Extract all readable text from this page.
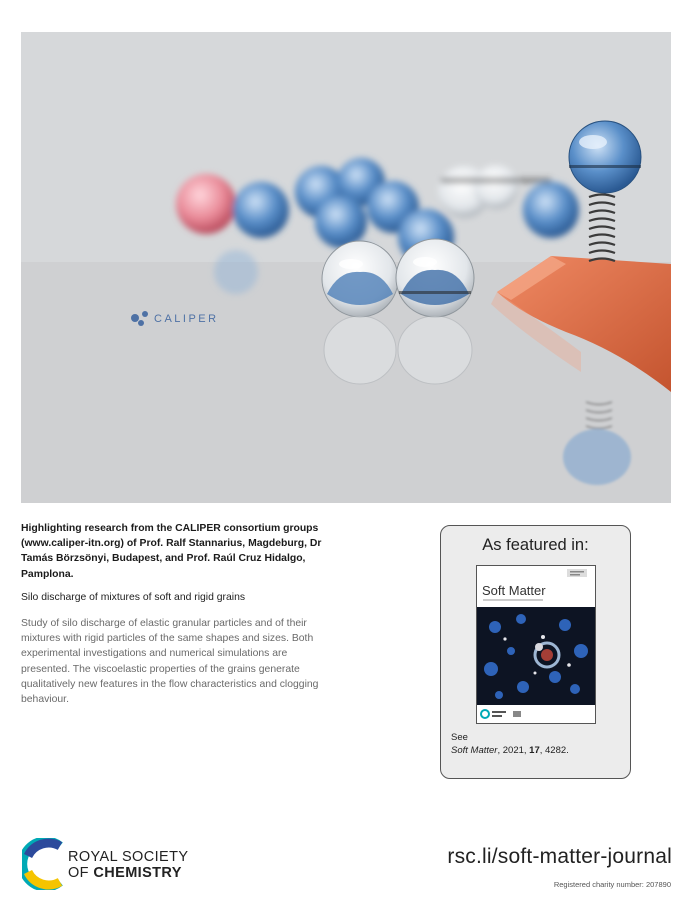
CALIPER

Highlighting research from the CALIPER consortium groups (www.caliper-itn.org) of Prof. Ralf Stannarius, Magdeburg, Dr Tamás Börzsönyi, Budapest, and Prof. Raúl Cruz Hidalgo, Pamplona.

Silo discharge of mixtures of soft and rigid grains

Study of silo discharge of elastic granular particles and of their mixtures with rigid particles of the same shapes and sizes. Both experimental investigations and numerical simulations are presented. The viscoelastic properties of the grains generate qualitatively new features in the flow characteristics and clogging behaviour.

As featured in:
Soft Matter
See
Soft Matter, 2021, 17, 4282.
ROYAL SOCIETY
OF CHEMISTRY
rsc.li/soft-matter-journal
Registered charity number: 207890
